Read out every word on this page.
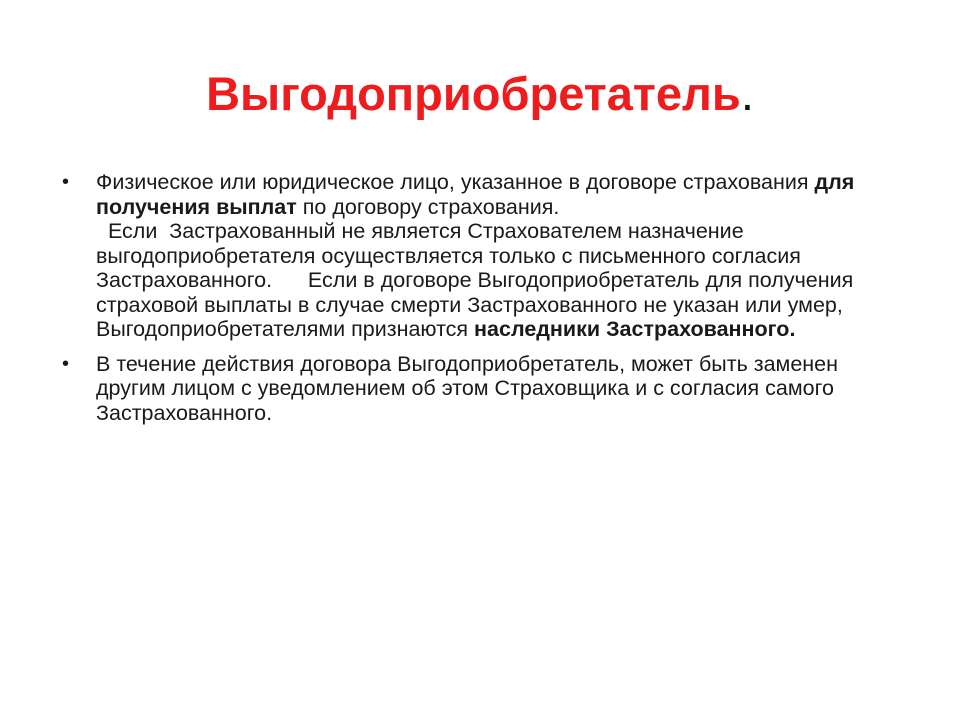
Выгодоприобретатель.
• Физическое или юридическое лицо, указанное в договоре страхования для получения выплат по договору страхования.
Если  Застрахованный не является Страхователем назначение выгодоприобретателя осуществляется только с письменного согласия Застрахованного.      Если в договоре Выгодоприобретатель для получения страховой выплаты в случае смерти Застрахованного не указан или умер, Выгодоприобретателями признаются наследники Застрахованного.
• В течение действия договора Выгодоприобретатель, может быть заменен другим лицом с уведомлением об этом Страховщика и с согласия самого Застрахованного.
